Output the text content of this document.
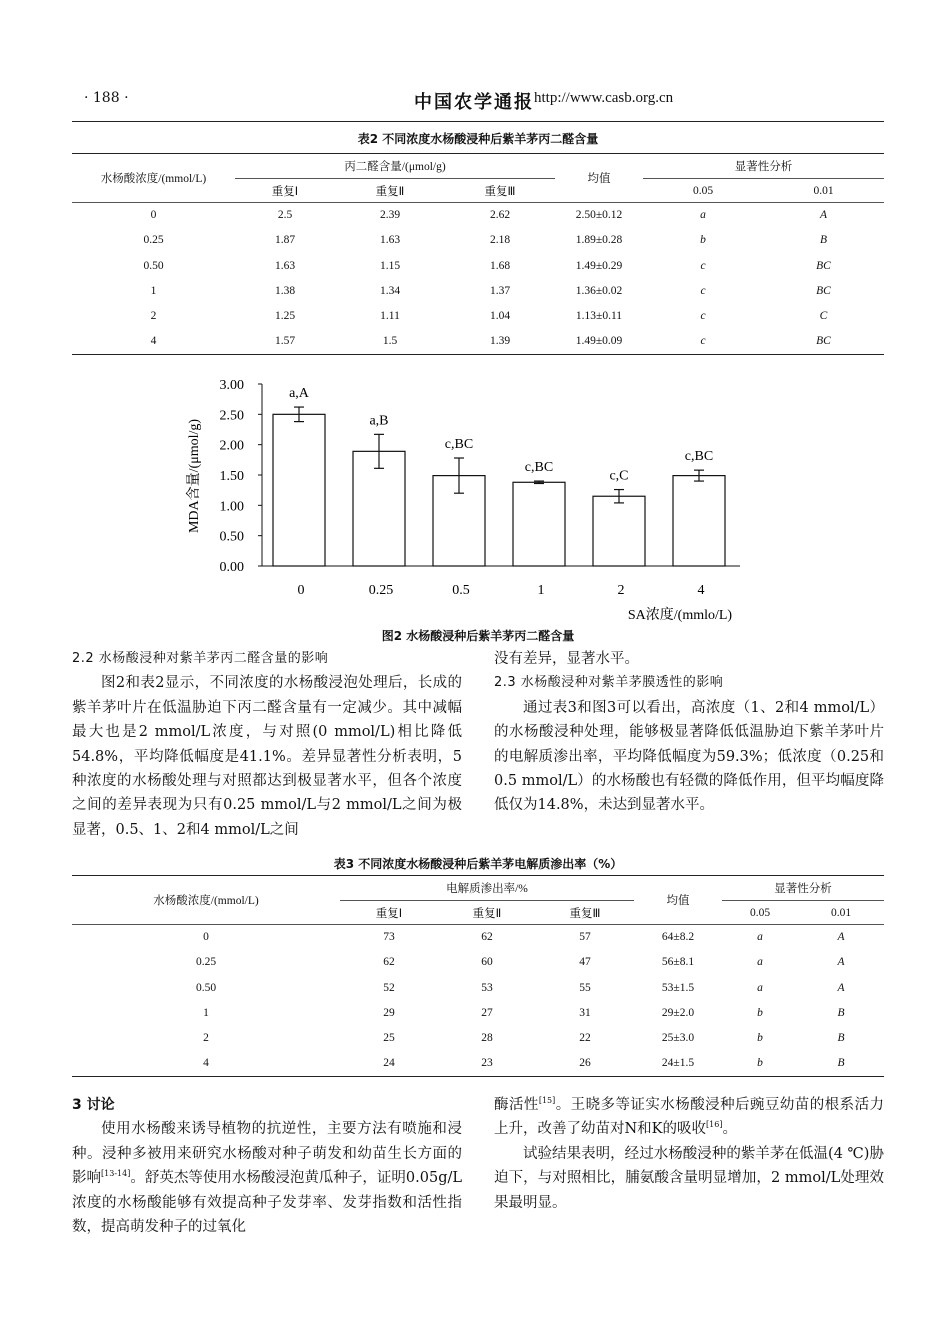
· 188 ·	中国农学通报 http://www.casb.org.cn
表2 不同浓度水杨酸浸种后紫羊茅丙二醛含量
水杨酸浓度/(mmol/L)	丙二醛含量/(μmol/g)			均值	显著性分析	
	重复Ⅰ	重复Ⅱ	重复Ⅲ		0.05	0.01
0	2.5	2.39	2.62	2.50±0.12	a	A
0.25	1.87	1.63	2.18	1.89±0.28	b	B
0.50	1.63	1.15	1.68	1.49±0.29	c	BC
1	1.38	1.34	1.37	1.36±0.02	c	BC
2	1.25	1.11	1.04	1.13±0.11	c	C
4	1.57	1.5	1.39	1.49±0.09	c	BC
3.00
2.50
2.00
1.50
1.00
0.50
0.00
a,A
0
a,B
0.25
c,BC
0.5
c,BC
1
c,C
2
c,BC
4
MDA含量/(μmol/g)
SA浓度/(mmlo/L)
图2 水杨酸浸种后紫羊茅丙二醛含量

2.2 水杨酸浸种对紫羊茅丙二醛含量的影响

图2和表2显示，不同浓度的水杨酸浸泡处理后，长成的紫羊茅叶片在低温胁迫下丙二醛含量有一定减少。其中减幅最大也是2 mmol/L浓度，与对照(0 mmol/L)相比降低54.8%，平均降低幅度是41.1%。差异显著性分析表明，5种浓度的水杨酸处理与对照都达到极显著水平，但各个浓度之间的差异表现为只有0.25 mmol/L与2 mmol/L之间为极显著，0.5、1、2和4 mmol/L之间

没有差异，显著水平。

2.3 水杨酸浸种对紫羊茅膜透性的影响

通过表3和图3可以看出，高浓度（1、2和4 mmol/L）的水杨酸浸种处理，能够极显著降低低温胁迫下紫羊茅叶片的电解质渗出率，平均降低幅度为59.3%；低浓度（0.25和0.5 mmol/L）的水杨酸也有轻微的降低作用，但平均幅度降低仅为14.8%，未达到显著水平。

表3 不同浓度水杨酸浸种后紫羊茅电解质渗出率（%）
水杨酸浓度/(mmol/L)	电解质渗出率/%			均值	显著性分析	
	重复Ⅰ	重复Ⅱ	重复Ⅲ		0.05	0.01
0	73	62	57	64±8.2	a	A
0.25	62	60	47	56±8.1	a	A
0.50	52	53	55	53±1.5	a	A
1	29	27	31	29±2.0	b	B
2	25	28	22	25±3.0	b	B
4	24	23	26	24±1.5	b	B

3 讨论

使用水杨酸来诱导植物的抗逆性，主要方法有喷施和浸种。浸种多被用来研究水杨酸对种子萌发和幼苗生长方面的影响[13-14]。舒英杰等使用水杨酸浸泡黄瓜种子，证明0.05g/L浓度的水杨酸能够有效提高种子发芽率、发芽指数和活性指数，提高萌发种子的过氧化

酶活性[15]。王晓多等证实水杨酸浸种后豌豆幼苗的根系活力上升，改善了幼苗对N和K的吸收[16]。

试验结果表明，经过水杨酸浸种的紫羊茅在低温(4 ℃)胁迫下，与对照相比，脯氨酸含量明显增加，2 mmol/L处理效果最明显。
